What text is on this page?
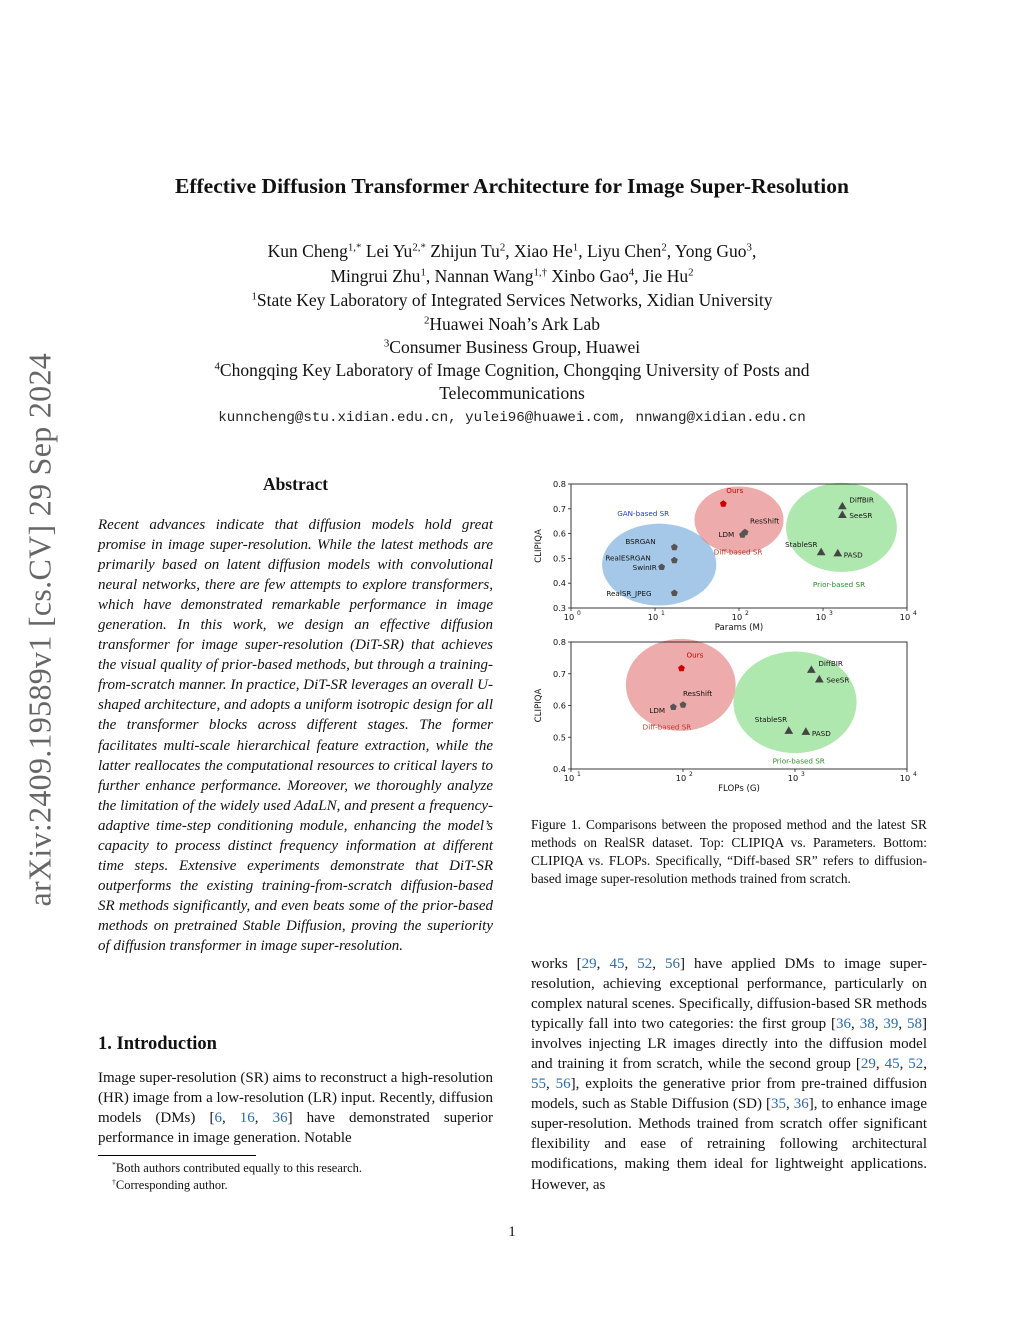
arXiv:2409.19589v1 [cs.CV] 29 Sep 2024
Effective Diffusion Transformer Architecture for Image Super-Resolution
Kun Cheng$^{1,*}$ Lei $Yu^{2,*}$ Zhijun Tu$^2$, Xiao He$^1$, Liyu Chen$^2$, Yong Guo$^3$,
Mingrui Zhu$^1$, Nannan Wang$^{1,\dagger}$ Xinbo Gao$^4$, Jie Hu$^2$
$^1$State Key Laboratory of Integrated Services Networks, Xidian University
$^2$Huawei Noah’s Ark Lab
$^3$Consumer Business Group, Huawei
$^4$Chongqing Key Laboratory of Image Cognition, Chongqing University of Posts and
Telecommunications
kunncheng@stu.xidian.edu.cn, yulei96@huawei.com, nnwang@xidian.edu.cn
Abstract
Recent advances indicate that diffusion models hold great promise in image super-resolution. While the latest methods are primarily based on latent diffusion models with convolutional neural networks, there are few attempts to explore transformers, which have demonstrated remarkable performance in image generation. In this work, we design an effective diffusion transformer for image super-resolution (DiT-SR) that achieves the visual quality of prior-based methods, but through a training-from-scratch manner. In practice, DiT-SR leverages an overall U-shaped architecture, and adopts a uniform isotropic design for all the transformer blocks across different stages. The former facilitates multi-scale hierarchical feature extraction, while the latter reallocates the computational resources to critical layers to further enhance performance. Moreover, we thoroughly analyze the limitation of the widely used AdaLN, and present a frequency-adaptive time-step conditioning module, enhancing the model’s capacity to process distinct frequency information at different time steps. Extensive experiments demonstrate that DiT-SR outperforms the existing training-from-scratch diffusion-based SR methods significantly, and even beats some of the prior-based methods on pretrained Stable Diffusion, proving the superiority of diffusion transformer in image super-resolution.
1. Introduction
Image super-resolution (SR) aims to reconstruct a high-resolution (HR) image from a low-resolution (LR) input. Recently, diffusion models (DMs) [6, 16, 36] have demonstrated superior performance in image generation. Notable
*Both authors contributed equally to this research.
†Corresponding author.
GAN-based SR
Diff-based SR
Prior-based SR
Ours
ResShift
LDM
BSRGAN
RealESRGAN
SwinIR
RealSR_JPEG
DiffBIR
SeeSR
StableSR
PASD
0.3
0.4
0.5
0.6
0.7
0.8
10 0	10 1	10 2	10 3	10 4
Params (M)
CLIPIQA
Diff-based SR
Prior-based SR
Ours
ResShift
LDM
DiffBIR
SeeSR
StableSR
PASD
0.4
0.5
0.6
0.7
0.8
10 1	10 2	10 3	10 4
FLOPs (G)
CLIPIQA
Figure 1. Comparisons between the proposed method and the latest SR methods on RealSR dataset. Top: CLIPIQA vs. Parameters. Bottom: CLIPIQA vs. FLOPs. Specifically, “Diff-based SR” refers to diffusion-based image super-resolution methods trained from scratch.
works [29, 45, 52, 56] have applied DMs to image super-resolution, achieving exceptional performance, particularly on complex natural scenes. Specifically, diffusion-based SR methods typically fall into two categories: the first group [36, 38, 39, 58] involves injecting LR images directly into the diffusion model and training it from scratch, while the second group [29, 45, 52, 55, 56], exploits the generative prior from pre-trained diffusion models, such as Stable Diffusion (SD) [35, 36], to enhance image super-resolution. Methods trained from scratch offer significant flexibility and ease of retraining following architectural modifications, making them ideal for lightweight applications. However, as
1
